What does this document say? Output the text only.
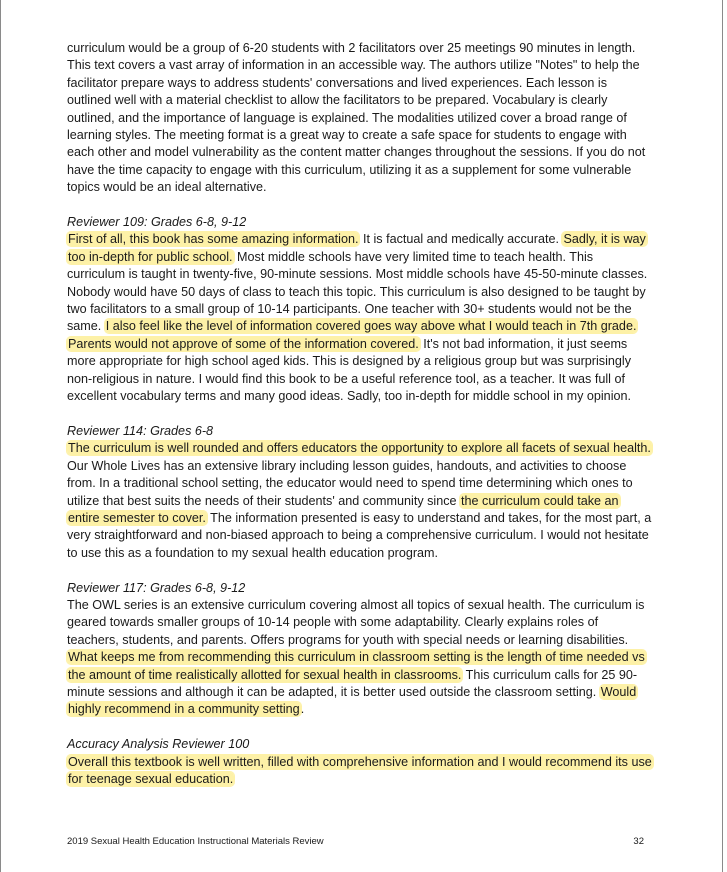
curriculum would be a group of 6-20 students with 2 facilitators over 25 meetings 90 minutes in length. This text covers a vast array of information in an accessible way. The authors utilize "Notes" to help the facilitator prepare ways to address students' conversations and lived experiences. Each lesson is outlined well with a material checklist to allow the facilitators to be prepared. Vocabulary is clearly outlined, and the importance of language is explained. The modalities utilized cover a broad range of learning styles. The meeting format is a great way to create a safe space for students to engage with each other and model vulnerability as the content matter changes throughout the sessions. If you do not have the time capacity to engage with this curriculum, utilizing it as a supplement for some vulnerable topics would be an ideal alternative.
Reviewer 109: Grades 6-8, 9-12
First of all, this book has some amazing information. It is factual and medically accurate. Sadly, it is way too in-depth for public school. Most middle schools have very limited time to teach health. This curriculum is taught in twenty-five, 90-minute sessions. Most middle schools have 45-50-minute classes. Nobody would have 50 days of class to teach this topic. This curriculum is also designed to be taught by two facilitators to a small group of 10-14 participants. One teacher with 30+ students would not be the same. I also feel like the level of information covered goes way above what I would teach in 7th grade. Parents would not approve of some of the information covered. It's not bad information, it just seems more appropriate for high school aged kids. This is designed by a religious group but was surprisingly non-religious in nature. I would find this book to be a useful reference tool, as a teacher. It was full of excellent vocabulary terms and many good ideas. Sadly, too in-depth for middle school in my opinion.
Reviewer 114: Grades 6-8
The curriculum is well rounded and offers educators the opportunity to explore all facets of sexual health. Our Whole Lives has an extensive library including lesson guides, handouts, and activities to choose from. In a traditional school setting, the educator would need to spend time determining which ones to utilize that best suits the needs of their students' and community since the curriculum could take an entire semester to cover. The information presented is easy to understand and takes, for the most part, a very straightforward and non-biased approach to being a comprehensive curriculum. I would not hesitate to use this as a foundation to my sexual health education program.
Reviewer 117: Grades 6-8, 9-12
The OWL series is an extensive curriculum covering almost all topics of sexual health. The curriculum is geared towards smaller groups of 10-14 people with some adaptability. Clearly explains roles of teachers, students, and parents. Offers programs for youth with special needs or learning disabilities. What keeps me from recommending this curriculum in classroom setting is the length of time needed vs the amount of time realistically allotted for sexual health in classrooms. This curriculum calls for 25 90-minute sessions and although it can be adapted, it is better used outside the classroom setting. Would highly recommend in a community setting.
Accuracy Analysis Reviewer 100
Overall this textbook is well written, filled with comprehensive information and I would recommend its use for teenage sexual education.
2019 Sexual Health Education Instructional Materials Review	32
